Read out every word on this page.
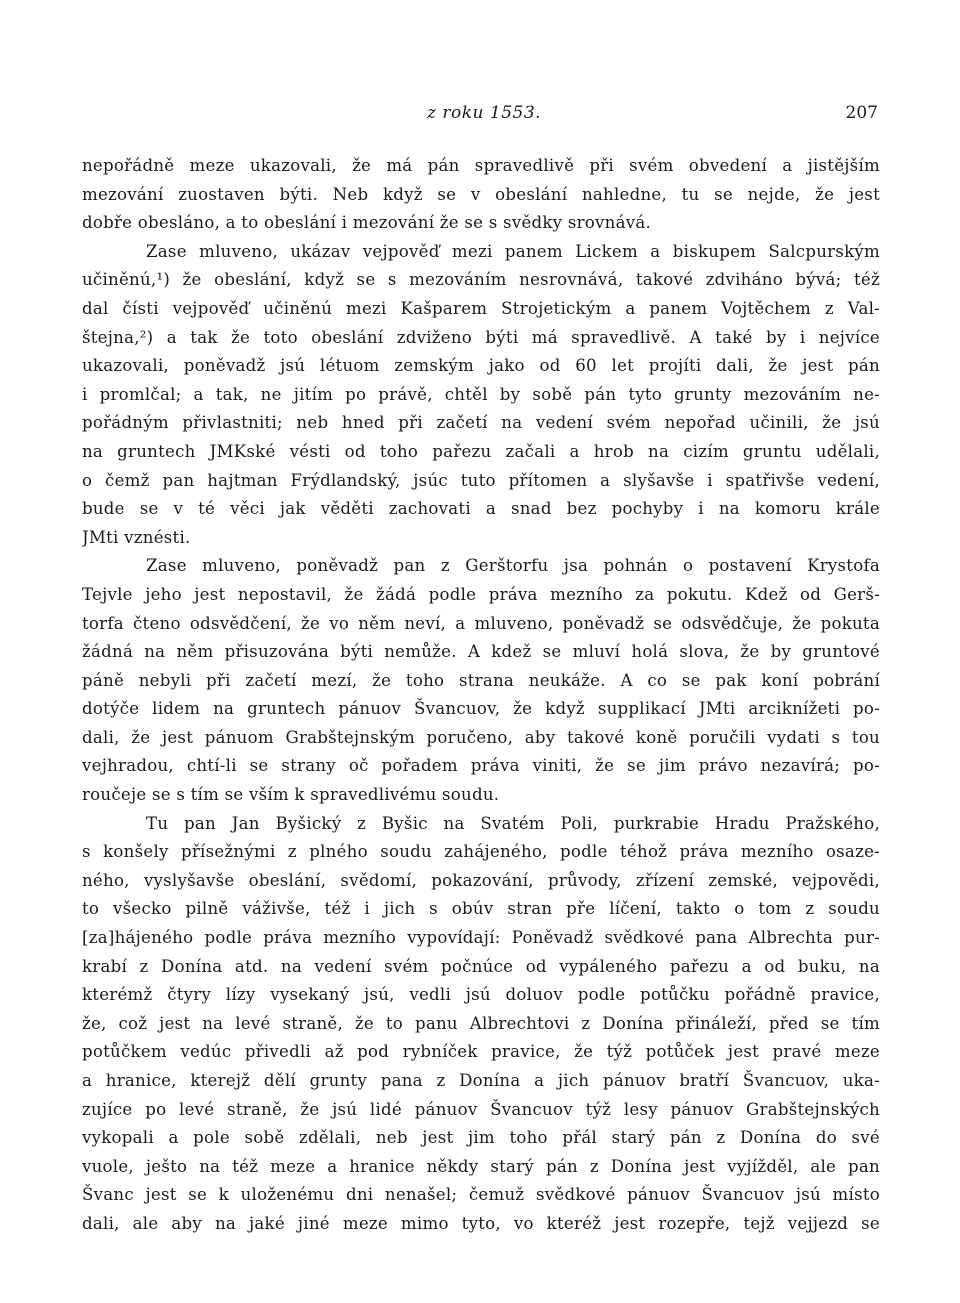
z roku 1553.	207
nepořádně meze ukazovali, že má pán spravedlivě při svém obvedení a jistějším
mezování zuostaven býti. Neb když se v obeslání nahledne, tu se nejde, že jest
dobře obesláno, a to obeslání i mezování že se s svědky srovnává.
Zase mluveno, ukázav vejpověď mezi panem Lickem a biskupem Salcpurským
učiněnú,¹) že obeslání, když se s mezováním nesrovnává, takové zdviháno bývá; též
dal čísti vejpověď učiněnú mezi Kašparem Strojetickým a panem Vojtěchem z Val-
štejna,²) a tak že toto obeslání zdviženo býti má spravedlivě. A také by i nejvíce
ukazovali, poněvadž jsú létuom zemským jako od 60 let projíti dali, že jest pán
i promlčal; a tak, ne jitím po právě, chtěl by sobě pán tyto grunty mezováním ne-
pořádným přivlastniti; neb hned při začetí na vedení svém nepořad učinili, že jsú
na gruntech JMKské vésti od toho pařezu začali a hrob na cizím gruntu udělali,
o čemž pan hajtman Frýdlandský, jsúc tuto přítomen a slyšavše i spatřivše vedení,
bude se v té věci jak věděti zachovati a snad bez pochyby i na komoru krále
JMti vznésti.
Zase mluveno, poněvadž pan z Gerštorfu jsa pohnán o postavení Krystofa
Tejvle jeho jest nepostavil, že žádá podle práva mezního za pokutu. Kdež od Gerš-
torfa čteno odsvědčení, že vo něm neví, a mluveno, poněvadž se odsvědčuje, že pokuta
žádná na něm přisuzována býti nemůže. A kdež se mluví holá slova, že by gruntové
páně nebyli při začetí mezí, že toho strana neukáže. A co se pak koní pobrání
dotýče lidem na gruntech pánuov Švancuov, že když supplikací JMti arciknížeti po-
dali, že jest pánuom Grabštejnským poručeno, aby takové koně poručili vydati s tou
vejhradou, chtí-li se strany oč pořadem práva viniti, že se jim právo nezavírá; po-
roučeje se s tím se vším k spravedlivému soudu.
Tu pan Jan Byšický z Byšic na Svatém Poli, purkrabie Hradu Pražského,
s konšely přísežnými z plného soudu zahájeného, podle téhož práva mezního osaze-
ného, vyslyšavše obeslání, svědomí, pokazování, průvody, zřízení zemské, vejpovědi,
to všecko pilně váživše, též i jich s obúv stran pře líčení, takto o tom z soudu
[za]hájeného podle práva mezního vypovídají: Poněvadž svědkové pana Albrechta pur-
krabí z Donína atd. na vedení svém počnúce od vypáleného pařezu a od buku, na
kterémž čtyry lízy vysekaný jsú, vedli jsú doluov podle potůčku pořádně pravice,
že, což jest na levé straně, že to panu Albrechtovi z Donína přináleží, před se tím
potůčkem vedúc přivedli až pod rybníček pravice, že týž potůček jest pravé meze
a hranice, kterejž dělí grunty pana z Donína a jich pánuov bratří Švancuov, uka-
zujíce po levé straně, že jsú lidé pánuov Švancuov týž lesy pánuov Grabštejnských
vykopali a pole sobě zdělali, neb jest jim toho přál starý pán z Donína do své
vuole, ješto na též meze a hranice někdy starý pán z Donína jest vyjížděl, ale pan
Švanc jest se k uloženému dni nenašel; čemuž svědkové pánuov Švancuov jsú místo
dali, ale aby na jaké jiné meze mimo tyto, vo kteréž jest rozepře, tejž vejjezd se
